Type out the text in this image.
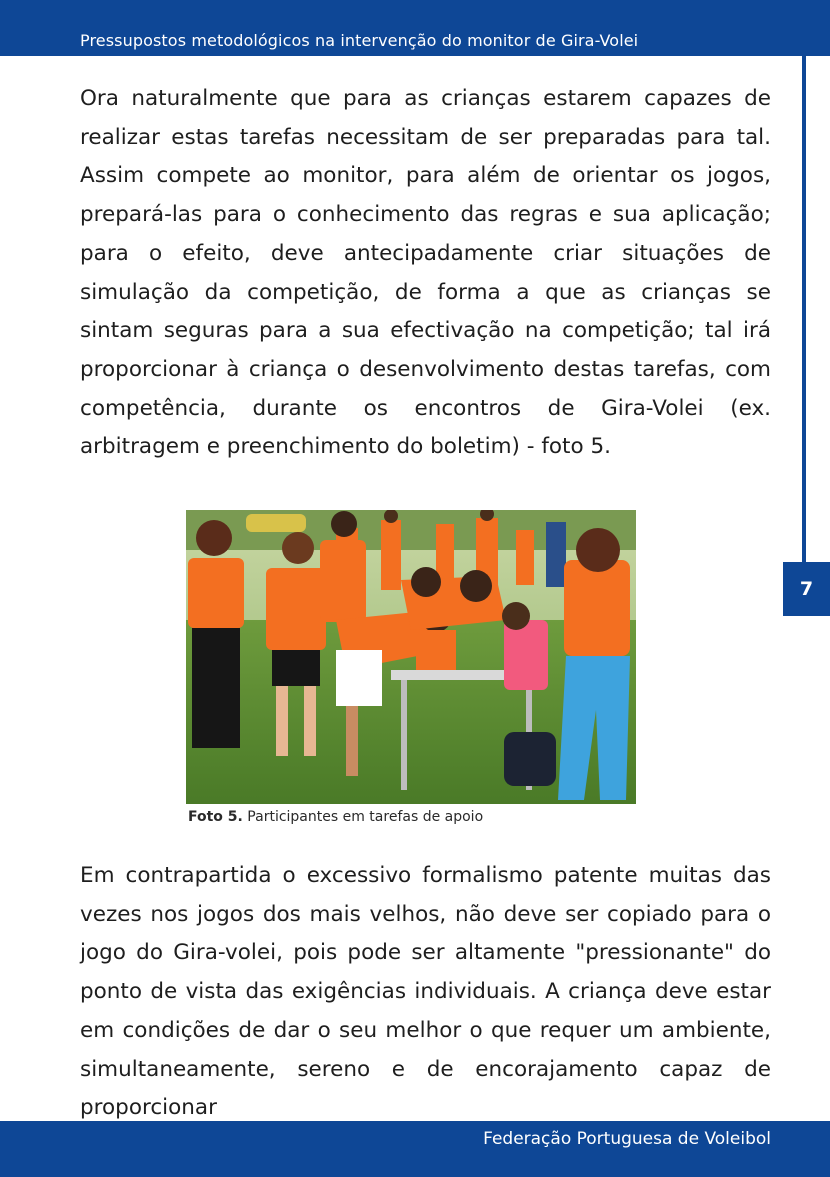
Pressupostos metodológicos na intervenção do monitor de Gira-Volei
7

Ora naturalmente que para as crianças estarem capazes de realizar estas tarefas necessitam de ser preparadas para tal. Assim compete ao monitor, para além de orientar os jogos, prepará-las para o conhecimento das regras e sua aplicação; para o efeito, deve antecipadamente criar situações de simulação da competição, de forma a que as crianças se sintam seguras para a sua efectivação na competição; tal irá proporcionar à criança o desenvolvimento destas tarefas, com competência, durante os encontros de Gira-Volei (ex. arbitragem e preenchimento do boletim) - foto 5.

Foto 5. Participantes em tarefas de apoio

Em contrapartida o excessivo formalismo patente muitas das vezes nos jogos dos mais velhos, não deve ser copiado para o jogo do Gira-volei, pois pode ser altamente "pressionante" do ponto de vista das exigências individuais. A criança deve estar em condições de dar o seu melhor o que requer um ambiente, simultaneamente, sereno e de encorajamento capaz de proporcionar

Federação Portuguesa de Voleibol
